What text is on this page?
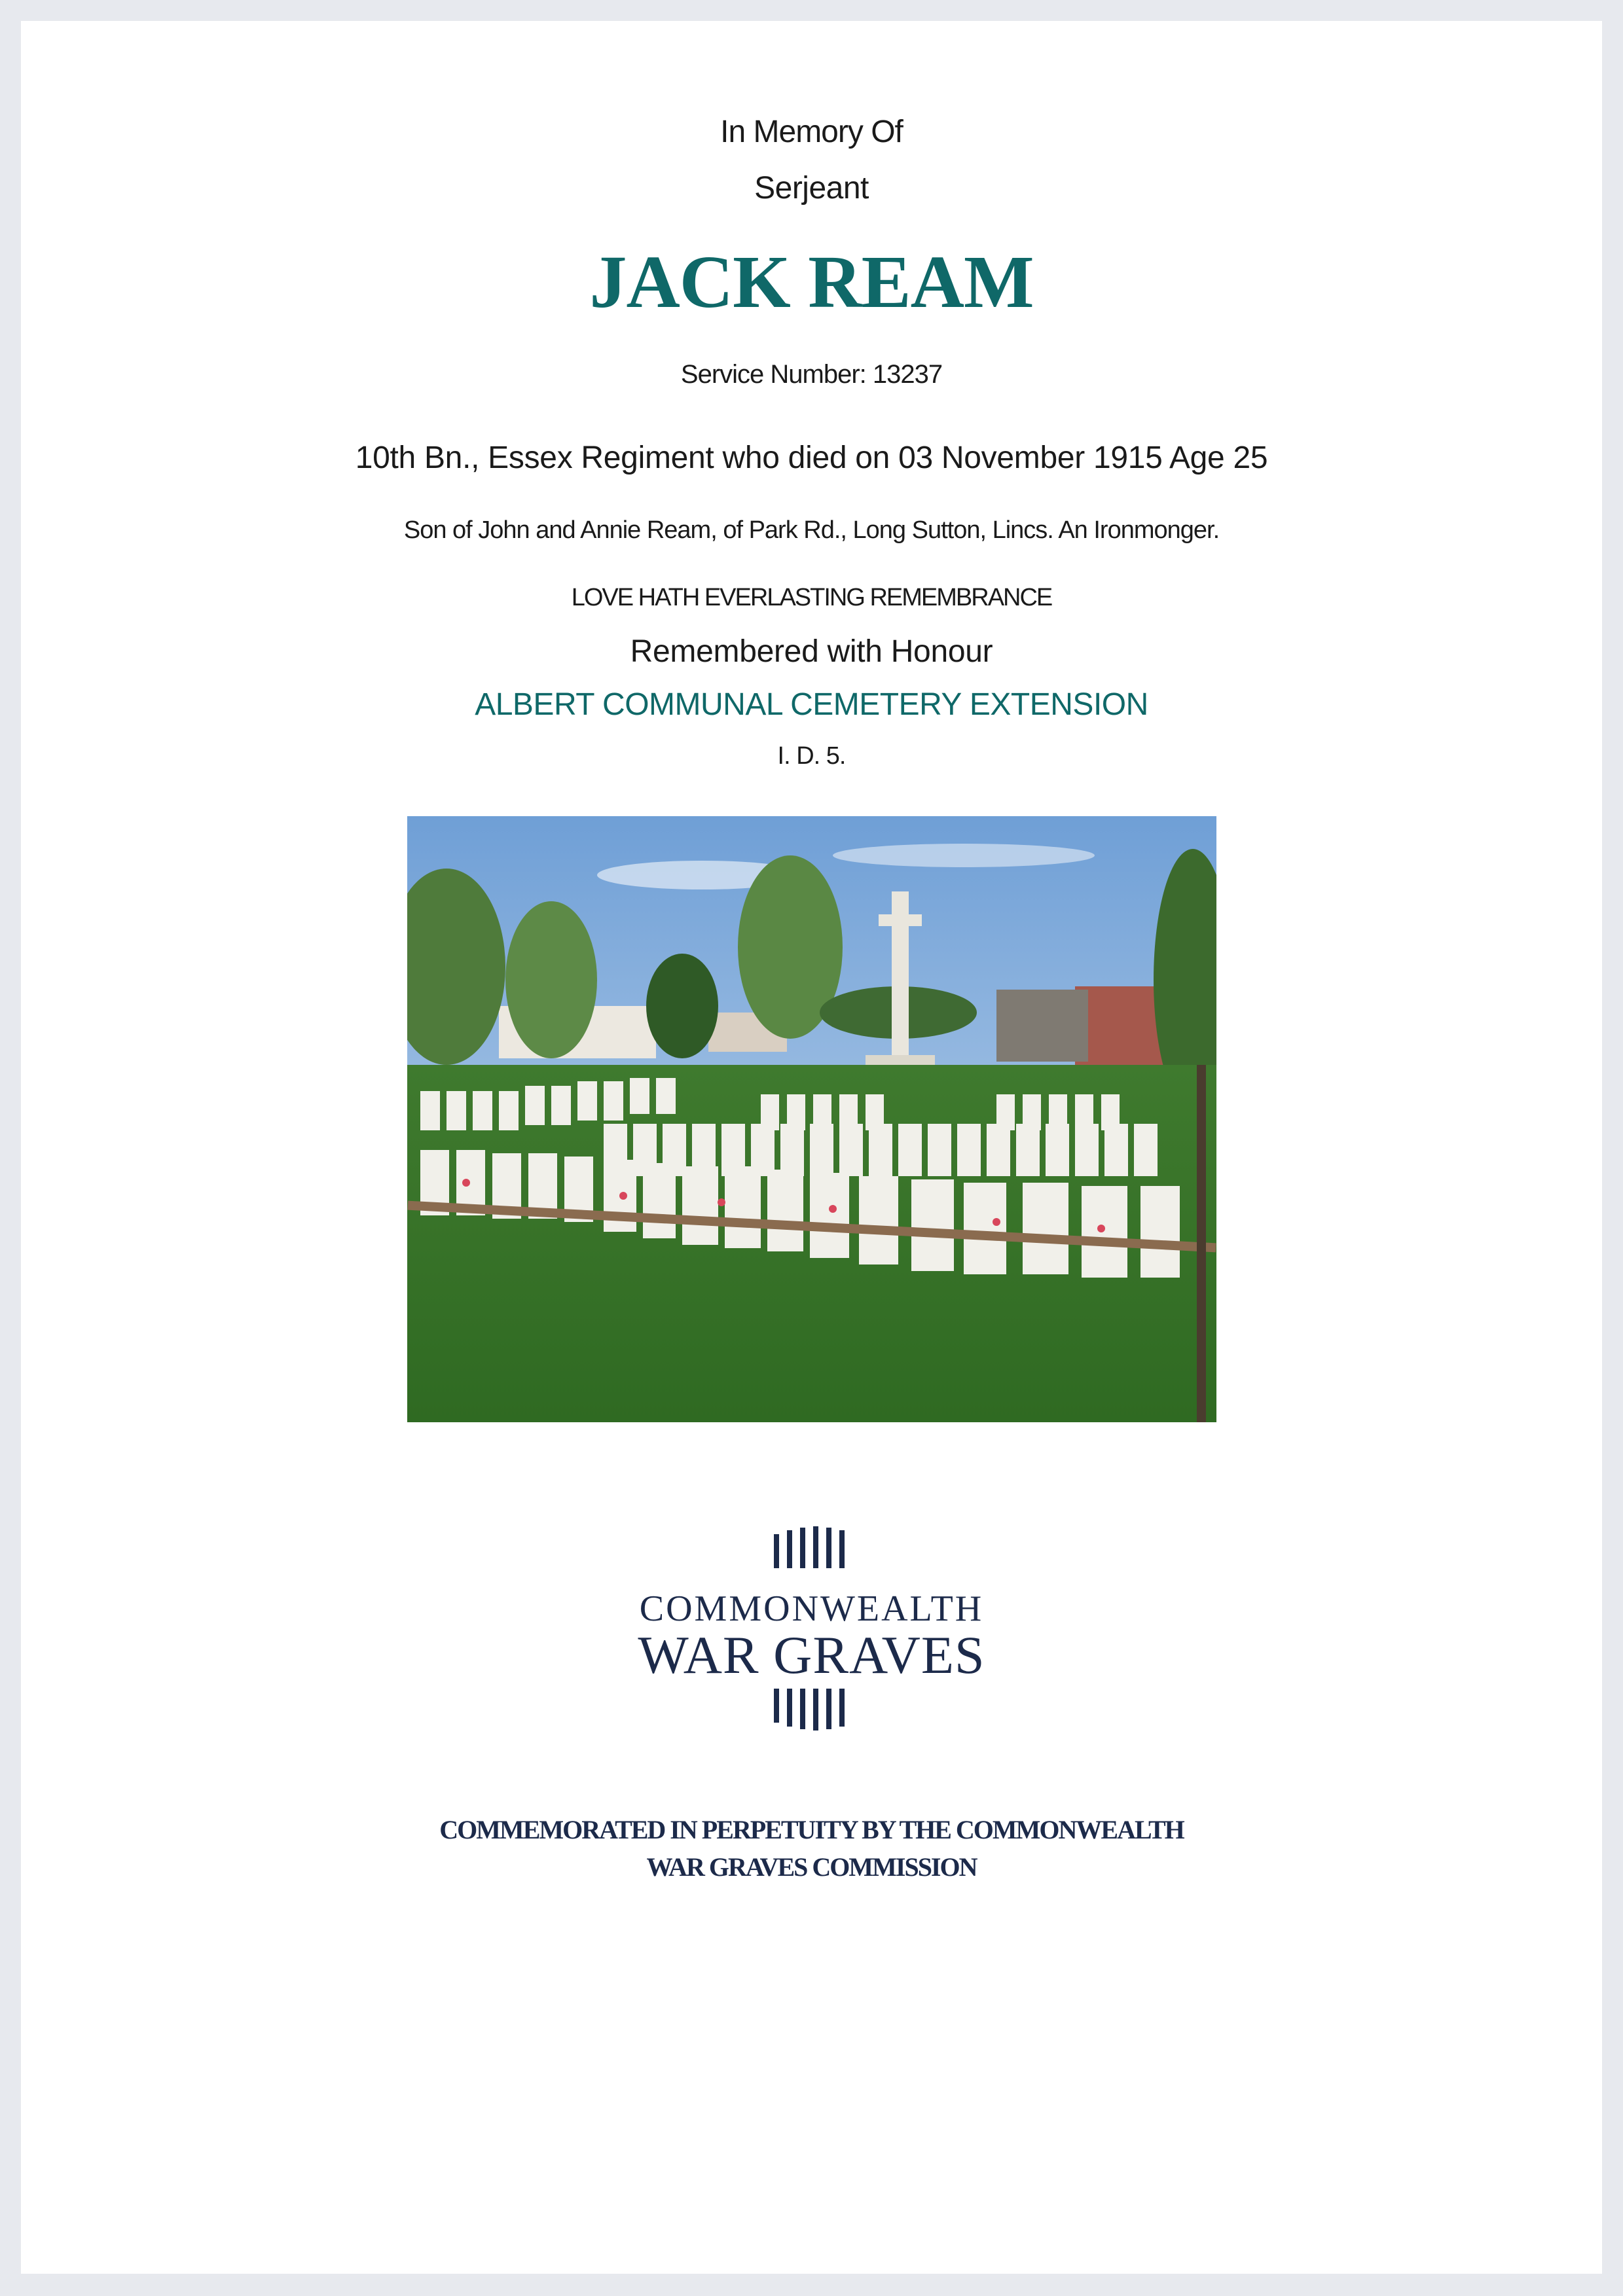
In Memory Of
Serjeant
JACK REAM
Service Number: 13237
10th Bn., Essex Regiment who died on 03 November 1915 Age 25
Son of John and Annie Ream, of Park Rd., Long Sutton, Lincs. An Ironmonger.
LOVE HATH EVERLASTING REMEMBRANCE
Remembered with Honour
ALBERT COMMUNAL CEMETERY EXTENSION
I. D. 5.
COMMONWEALTH
WAR GRAVES
COMMEMORATED IN PERPETUITY BY THE COMMONWEALTH
WAR GRAVES COMMISSION
